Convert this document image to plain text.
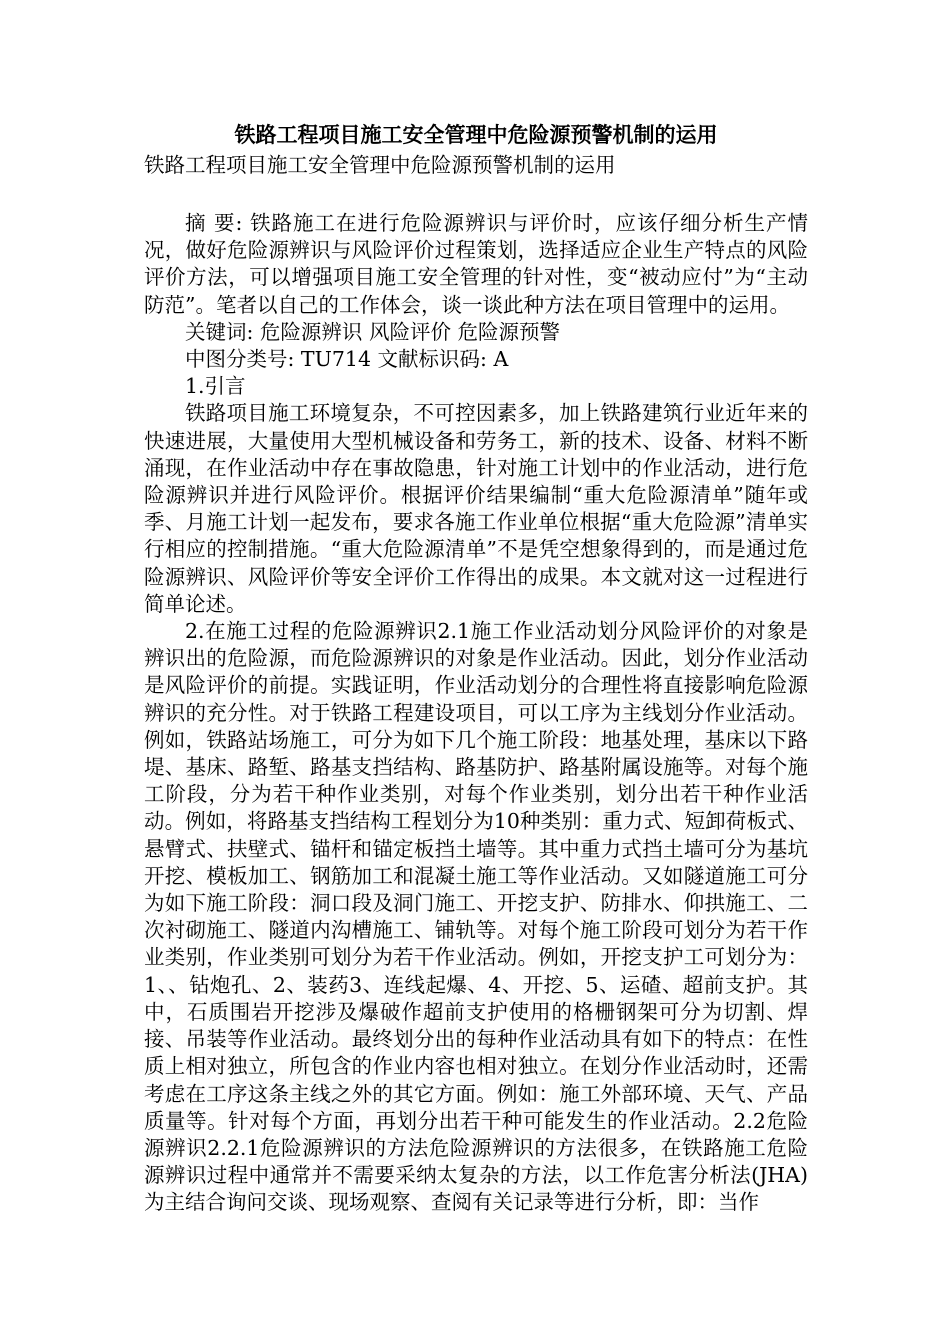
铁路工程项目施工安全管理中危险源预警机制的运用

铁路工程项目施工安全管理中危险源预警机制的运用

摘 要: 铁路施工在进行危险源辨识与评价时，应该仔细分析生产情况，做好危险源辨识与风险评价过程策划，选择适应企业生产特点的风险评价方法，可以增强项目施工安全管理的针对性，变“被动应付”为“主动防范”。笔者以自己的工作体会，谈一谈此种方法在项目管理中的运用。

关键词: 危险源辨识 风险评价 危险源预警

中图分类号: TU714 文献标识码: A

1.引言

铁路项目施工环境复杂，不可控因素多，加上铁路建筑行业近年来的快速进展，大量使用大型机械设备和劳务工，新的技术、设备、材料不断涌现，在作业活动中存在事故隐患，针对施工计划中的作业活动，进行危险源辨识并进行风险评价。根据评价结果编制“重大危险源清单”随年或季、月施工计划一起发布，要求各施工作业单位根据“重大危险源”清单实行相应的控制措施。“重大危险源清单”不是凭空想象得到的，而是通过危险源辨识、风险评价等安全评价工作得出的成果。本文就对这一过程进行简单论述。

2.在施工过程的危险源辨识2.1施工作业活动划分风险评价的对象是辨识出的危险源，而危险源辨识的对象是作业活动。因此，划分作业活动是风险评价的前提。实践证明，作业活动划分的合理性将直接影响危险源辨识的充分性。对于铁路工程建设项目，可以工序为主线划分作业活动。例如，铁路站场施工，可分为如下几个施工阶段：地基处理，基床以下路堤、基床、路堑、路基支挡结构、路基防护、路基附属设施等。对每个施工阶段，分为若干种作业类别，对每个作业类别，划分出若干种作业活动。例如，将路基支挡结构工程划分为10种类别：重力式、短卸荷板式、悬臂式、扶壁式、锚杆和锚定板挡土墙等。其中重力式挡土墙可分为基坑开挖、模板加工、钢筋加工和混凝土施工等作业活动。又如隧道施工可分为如下施工阶段：洞口段及洞门施工、开挖支护、防排水、仰拱施工、二次衬砌施工、隧道内沟槽施工、铺轨等。对每个施工阶段可划分为若干作业类别，作业类别可划分为若干作业活动。例如，开挖支护工可划分为：1、、钻炮孔、2、装药3、连线起爆、4、开挖、5、运碴、超前支护。其中，石质围岩开挖涉及爆破作超前支护使用的格栅钢架可分为切割、焊接、吊装等作业活动。最终划分出的每种作业活动具有如下的特点：在性质上相对独立，所包含的作业内容也相对独立。在划分作业活动时，还需考虑在工序这条主线之外的其它方面。例如：施工外部环境、天气、产品质量等。针对每个方面，再划分出若干种可能发生的作业活动。2.2危险源辨识2.2.1危险源辨识的方法危险源辨识的方法很多，在铁路施工危险源辨识过程中通常并不需要采纳太复杂的方法，以工作危害分析法(JHA)为主结合询问交谈、现场观察、查阅有关记录等进行分析，即：当作
